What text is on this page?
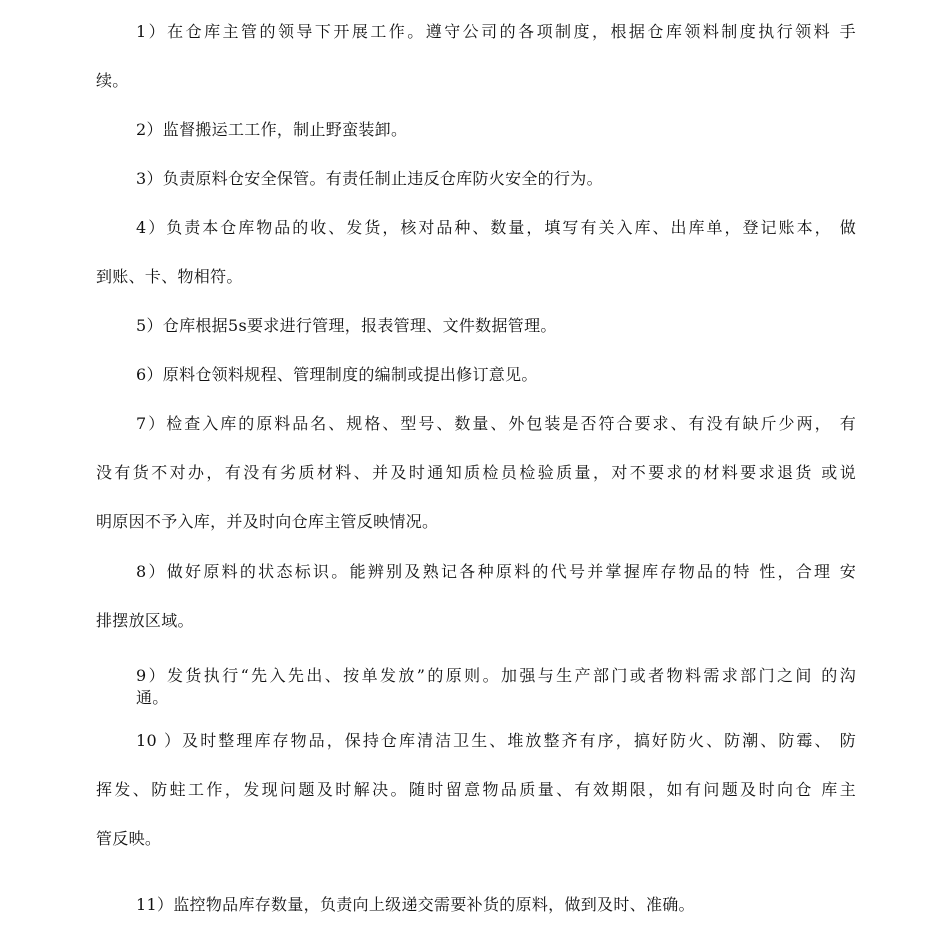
1）在仓库主管的领导下开展工作。遵守公司的各项制度，根据仓库领料制度执行领料 手
续。
2）监督搬运工工作，制止野蛮装卸。
3）负责原料仓安全保管。有责任制止违反仓库防火安全的行为。
4）负责本仓库物品的收、发货，核对品种、数量，填写有关入库、出库单，登记账本， 做
到账、卡、物相符。
5）仓库根据5s要求进行管理，报表管理、文件数据管理。
6）原料仓领料规程、管理制度的编制或提出修订意见。
7）检查入库的原料品名、规格、型号、数量、外包装是否符合要求、有没有缺斤少两， 有
没有货不对办，有没有劣质材料、并及时通知质检员检验质量，对不要求的材料要求退货 或说
明原因不予入库，并及时向仓库主管反映情况。
8）做好原料的状态标识。能辨别及熟记各种原料的代号并掌握库存物品的特 性，合理 安
排摆放区域。
9）发货执行“先入先出、按单发放”的原则。加强与生产部门或者物料需求部门之间 的沟
通。
10 ）及时整理库存物品，保持仓库清洁卫生、堆放整齐有序，搞好防火、防潮、防霉、 防
挥发、防蛀工作，发现问题及时解决。随时留意物品质量、有效期限，如有问题及时向仓 库主
管反映。
11）监控物品库存数量，负责向上级递交需要补货的原料，做到及时、准确。
